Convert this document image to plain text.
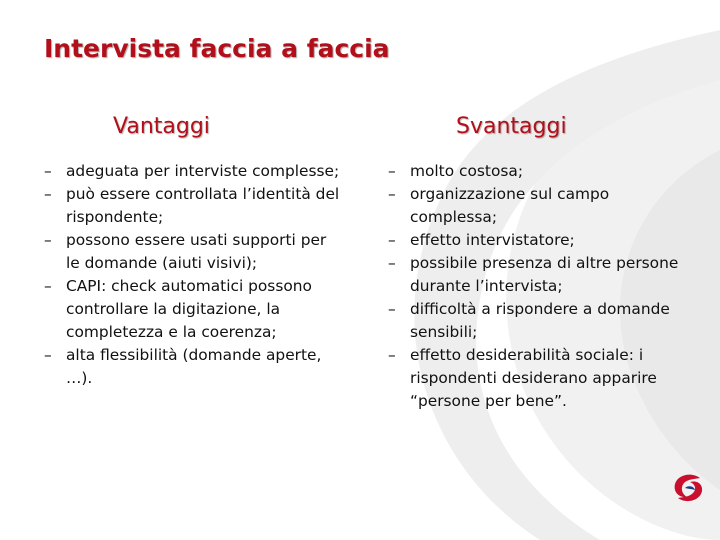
Intervista faccia a faccia
Vantaggi	Svantaggi
– adeguata per interviste complesse;
– può essere controllata l’identità del rispondente;
– possono essere usati supporti per le domande (aiuti visivi);
– CAPI: check automatici possono controllare la digitazione, la completezza e la coerenza;
– alta flessibilità (domande aperte, …).
– molto costosa;
– organizzazione sul campo complessa;
– effetto intervistatore;
– possibile presenza di altre persone durante l’intervista;
– difficoltà a rispondere a domande sensibili;
– effetto desiderabilità sociale: i rispondenti desiderano apparire “persone per bene”.
